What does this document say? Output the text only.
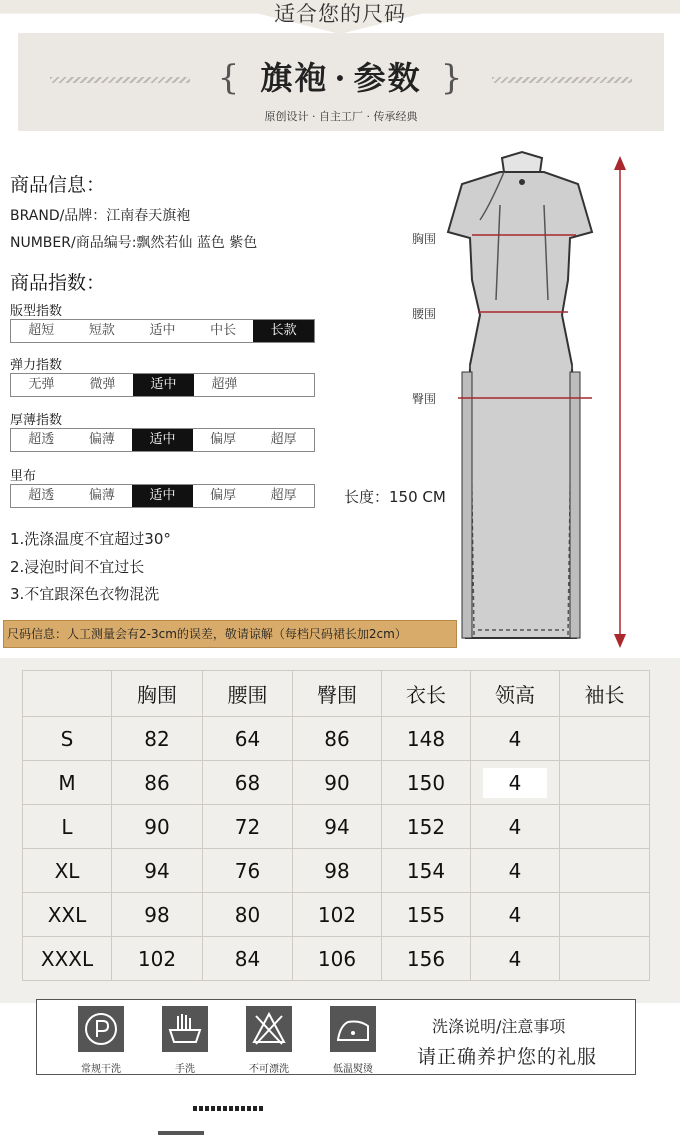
适合您的尺码
{ 旗袍 · 参数 }
原创设计 · 自主工厂 · 传承经典
商品信息：
BRAND/品牌：江南春天旗袍
NUMBER/商品编号:飘然若仙 蓝色 紫色
商品指数：
版型指数
超短	短款	适中	中长	长款
弹力指数
无弹	微弹	适中	超弹
厚薄指数
超透	偏薄	适中	偏厚	超厚
里布
超透	偏薄	适中	偏厚	超厚
1.洗涤温度不宜超过30°
2.浸泡时间不宜过长
3.不宜跟深色衣物混洗
尺码信息：人工测量会有2-3cm的误差，敬请谅解（每档尺码裙长加2cm）
胸围
腰围
臀围
长度：150 CM
	胸围	腰围	臀围	衣长	领高	袖长
S	82	64	86	148	4	
M	86	68	90	150	4	
L	90	72	94	152	4	
XL	94	76	98	154	4	
XXL	98	80	102	155	4	
XXXL	102	84	106	156	4	
常规干洗	手洗	不可漂洗	低温熨烫
洗涤说明/注意事项
请正确养护您的礼服
